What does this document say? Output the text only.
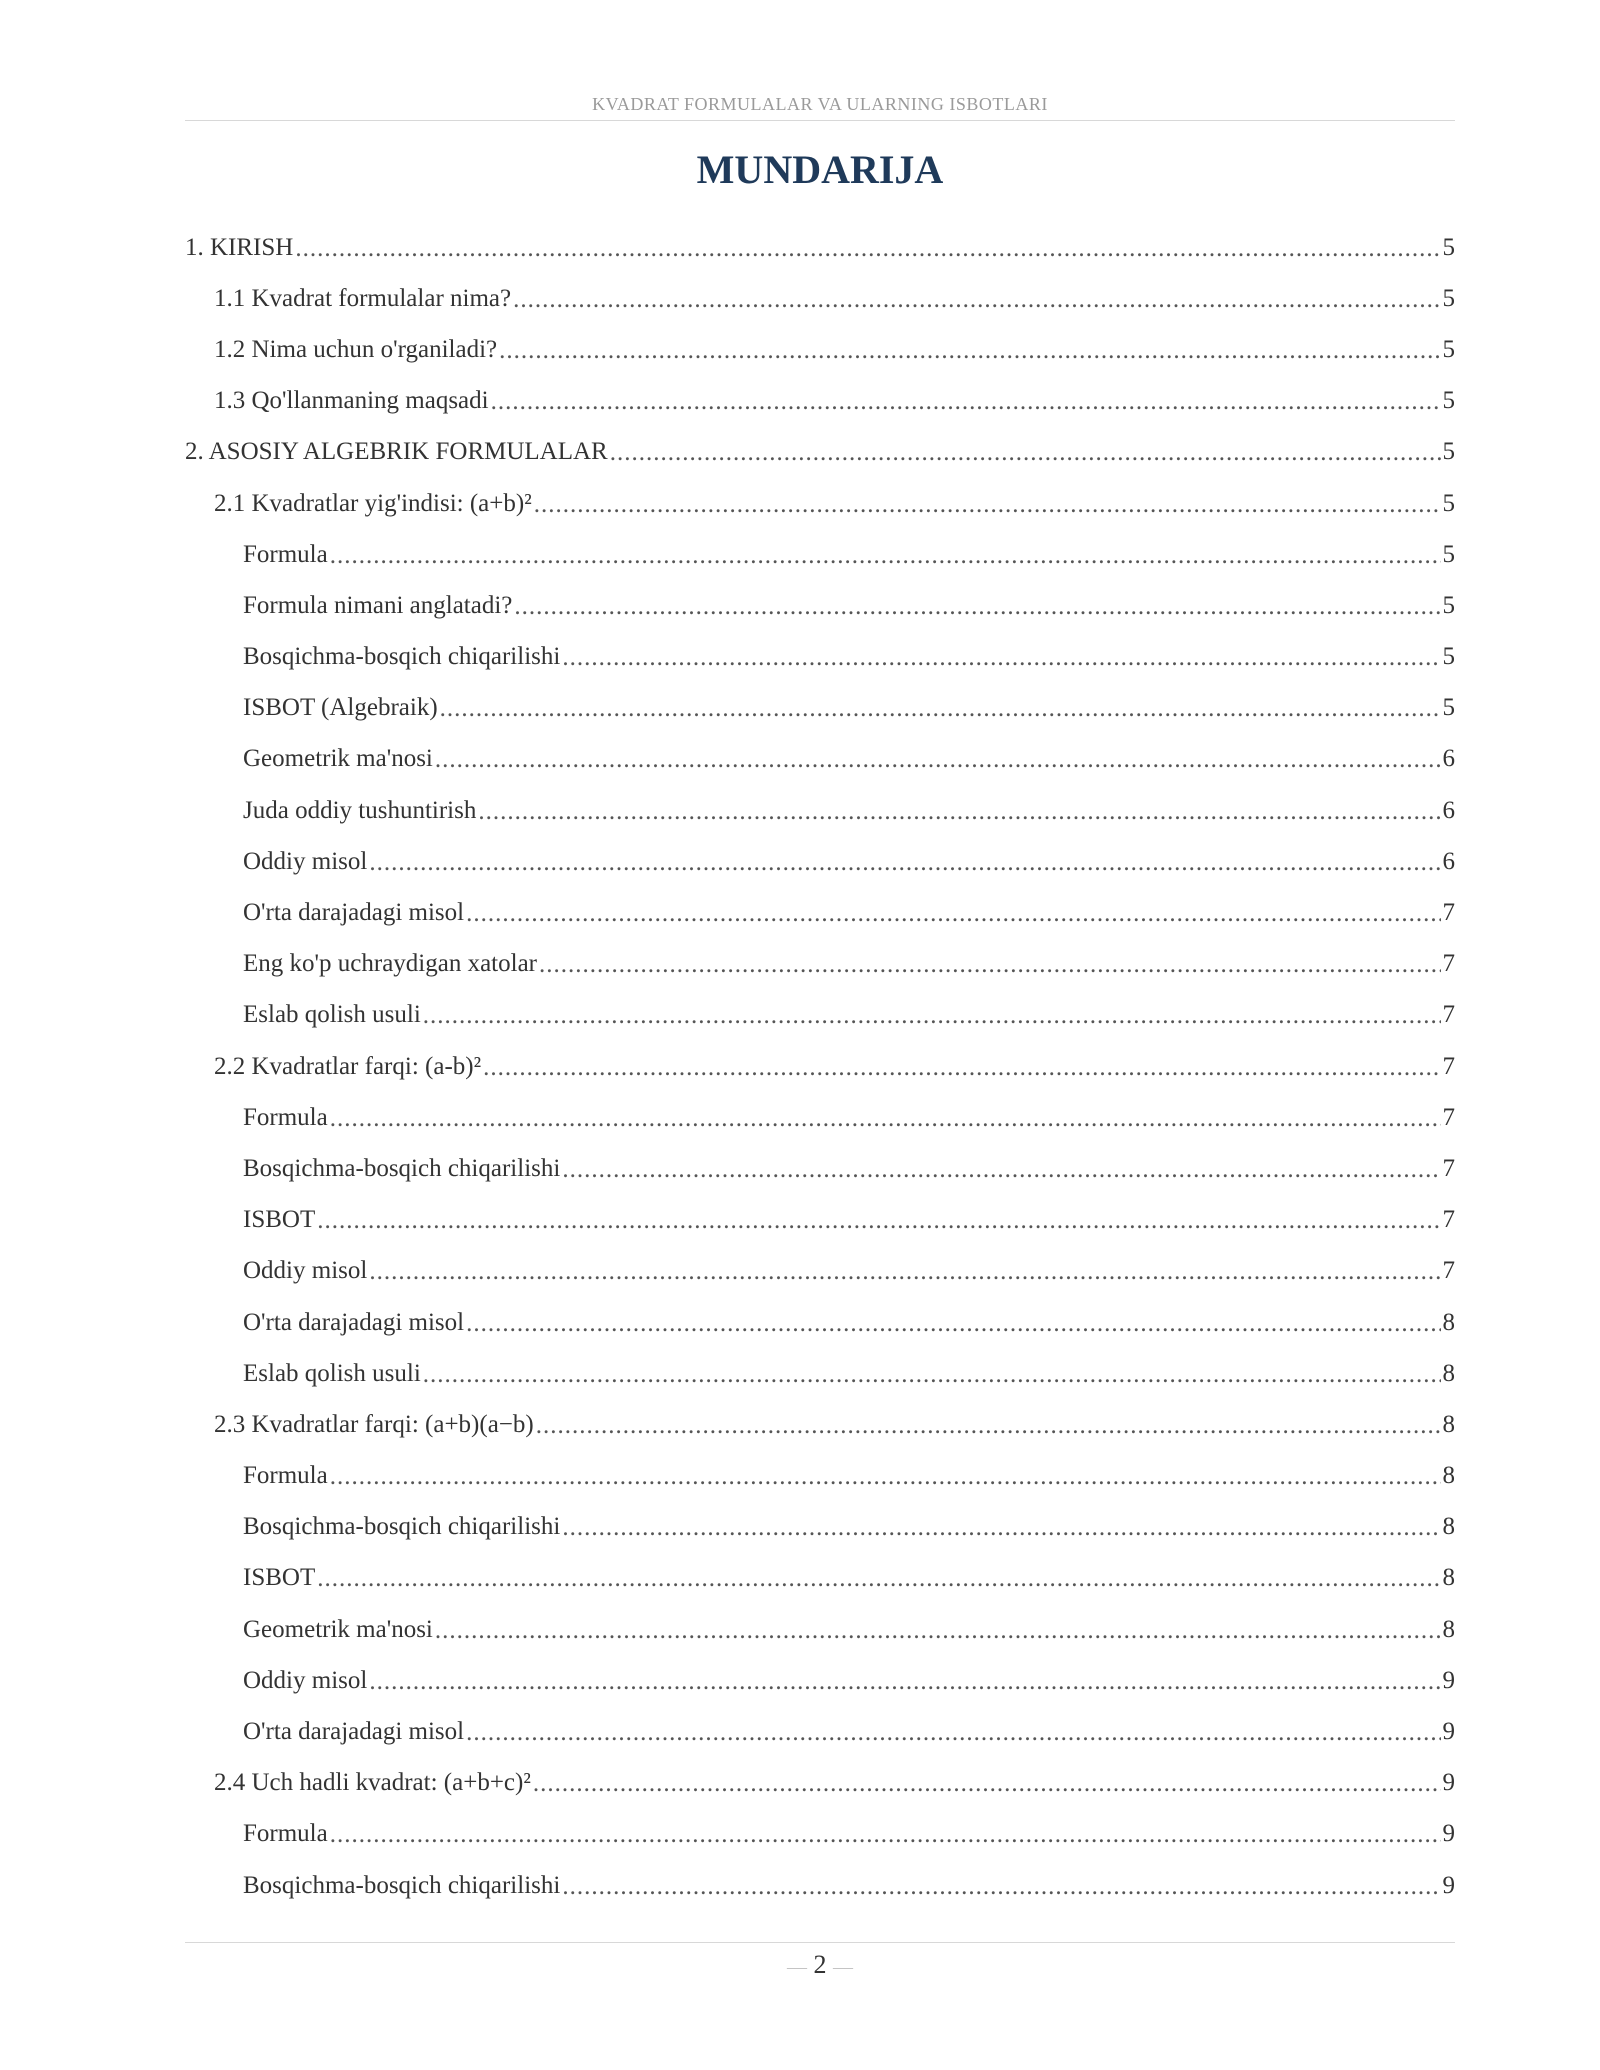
KVADRAT FORMULALAR VA ULARNING ISBOTLARI
MUNDARIJA
1. KIRISH .....	5
1.1 Kvadrat formulalar nima? .....	5
1.2 Nima uchun o'rganiladi? .....	5
1.3 Qo'llanmaning maqsadi .....	5
2. ASOSIY ALGEBRIK FORMULALAR .....	5
2.1 Kvadratlar yig'indisi: (a+b)² .....	5
Formula .....	5
Formula nimani anglatadi? .....	5
Bosqichma-bosqich chiqarilishi .....	5
ISBOT (Algebraik) .....	5
Geometrik ma'nosi .....	6
Juda oddiy tushuntirish .....	6
Oddiy misol .....	6
O'rta darajadagi misol .....	7
Eng ko'p uchraydigan xatolar .....	7
Eslab qolish usuli .....	7
2.2 Kvadratlar farqi: (a-b)² .....	7
Formula .....	7
Bosqichma-bosqich chiqarilishi .....	7
ISBOT .....	7
Oddiy misol .....	7
O'rta darajadagi misol .....	8
Eslab qolish usuli .....	8
2.3 Kvadratlar farqi: (a+b)(a−b) .....	8
Formula .....	8
Bosqichma-bosqich chiqarilishi .....	8
ISBOT .....	8
Geometrik ma'nosi .....	8
Oddiy misol .....	9
O'rta darajadagi misol .....	9
2.4 Uch hadli kvadrat: (a+b+c)² .....	9
Formula .....	9
Bosqichma-bosqich chiqarilishi .....	9
— 2 —
